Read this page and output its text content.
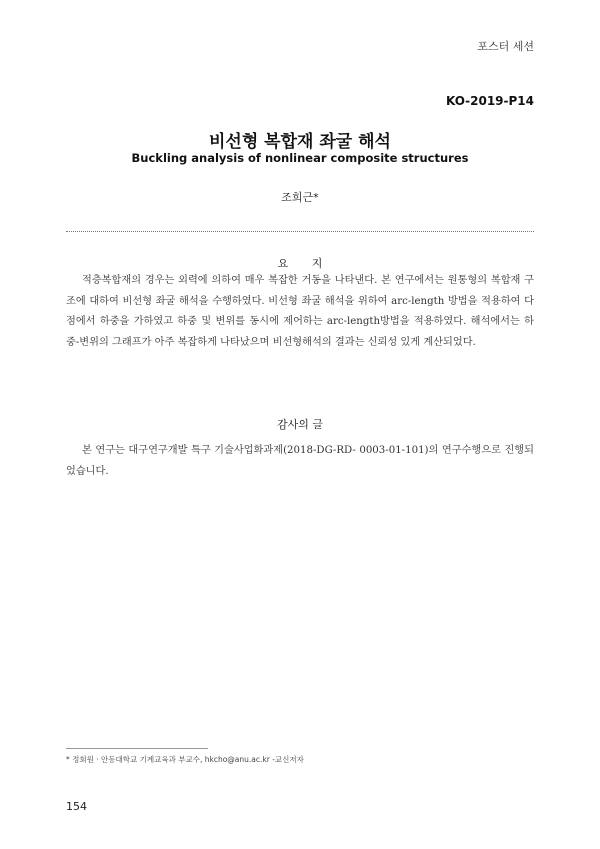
포스터 세션
KO-2019-P14
비선형 복합재 좌굴 해석
Buckling analysis of nonlinear composite structures
조희근*
요 지

적층복합재의 경우는 외력에 의하여 매우 복잡한 거동을 나타낸다. 본 연구에서는 원통형의 복합재 구조에 대하여 비선형 좌굴 해석을 수행하였다. 비선형 좌굴 해석을 위하여 arc-length 방법을 적용하여 다점에서 하중을 가하였고 하중 및 변위를 동시에 제어하는 arc-length방법을 적용하였다. 해석에서는 하중-변위의 그래프가 아주 복잡하게 나타났으며 비선형해석의 결과는 신뢰성 있게 계산되었다.

감사의 글

본 연구는 대구연구개발 특구 기술사업화과제(2018-DG-RD- 0003-01-101)의 연구수행으로 진행되었습니다.

* 정회원 · 안동대학교 기계교육과 부교수, hkcho@anu.ac.kr -교신저자
154
